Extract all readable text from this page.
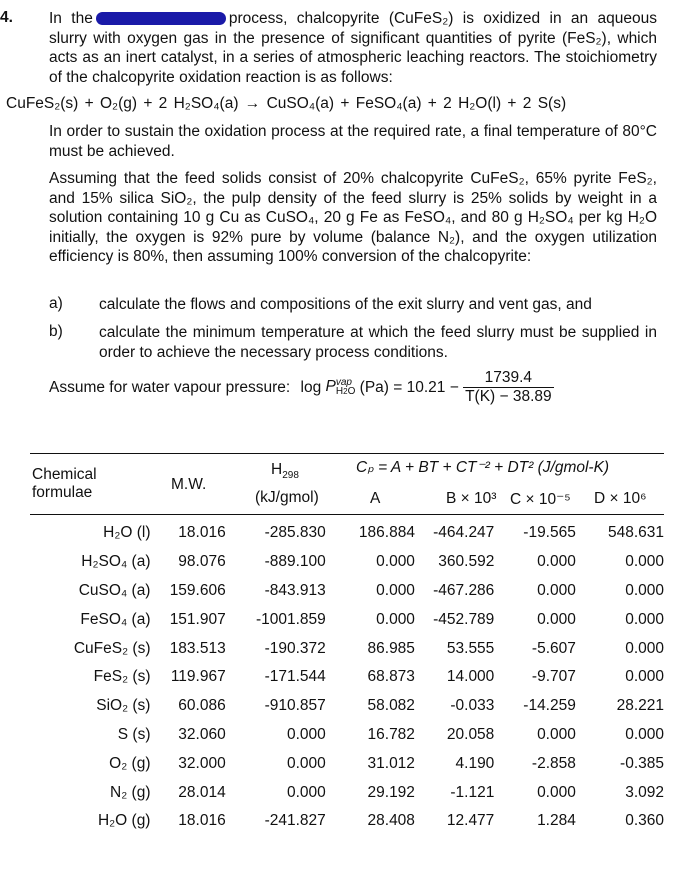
4. In the	process, chalcopyrite (CuFeS₂) is oxidized in an aqueous slurry with oxygen gas in the presence of significant quantities of pyrite (FeS₂), which acts as an inert catalyst, in a series of atmospheric leaching reactors. The stoichiometry of the chalcopyrite oxidation reaction is as follows:
CuFeS₂(s) + O₂(g) + 2 H₂SO₄(a) → CuSO₄(a) + FeSO₄(a) + 2 H₂O(l) + 2 S(s)
In order to sustain the oxidation process at the required rate, a final temperature of 80°C must be achieved.
Assuming that the feed solids consist of 20% chalcopyrite CuFeS₂, 65% pyrite FeS₂, and 15% silica SiO₂, the pulp density of the feed slurry is 25% solids by weight in a solution containing 10 g Cu as CuSO₄, 20 g Fe as FeSO₄, and 80 g H₂SO₄ per kg H₂O initially, the oxygen is 92% pure by volume (balance N₂), and the oxygen utilization efficiency is 80%, then assuming 100% conversion of the chalcopyrite:
a) calculate the flows and compositions of the exit slurry and vent gas, and
b) calculate the minimum temperature at which the feed slurry must be supplied in order to achieve the necessary process conditions.
Assume for water vapour pressure: log P vap
H2O $(Pa) = 10.21 - \frac{1739.4}{T(K) - 38.89}$
Chemical
formulae	M.W.
$H_{298}$
(kJ/gmol)
Cₚ = A + BT + CT⁻² + DT² (J/gmol-K)
A	B × 10³ C × 10⁻⁵ D × 10⁶
H₂O (l)	18.016	-285.830	186.884	-464.247	-19.565	548.631
H₂SO₄ (a)	98.076	-889.100	0.000	360.592	0.000	0.000
CuSO₄ (a)	159.606	-843.913	0.000	-467.286	0.000	0.000
FeSO₄ (a)	151.907	-1001.859	0.000	-452.789	0.000	0.000
CuFeS₂ (s)	183.513	-190.372	86.985	53.555	-5.607	0.000
FeS₂ (s)	119.967	-171.544	68.873	14.000	-9.707	0.000
SiO₂ (s)	60.086	-910.857	58.082	-0.033	-14.259	28.221
S (s)	32.060	0.000	16.782	20.058	0.000	0.000
O₂ (g)	32.000	0.000	31.012	4.190	-2.858	-0.385
N₂ (g)	28.014	0.000	29.192	-1.121	0.000	3.092
H₂O (g)	18.016	-241.827	28.408	12.477	1.284	0.360
